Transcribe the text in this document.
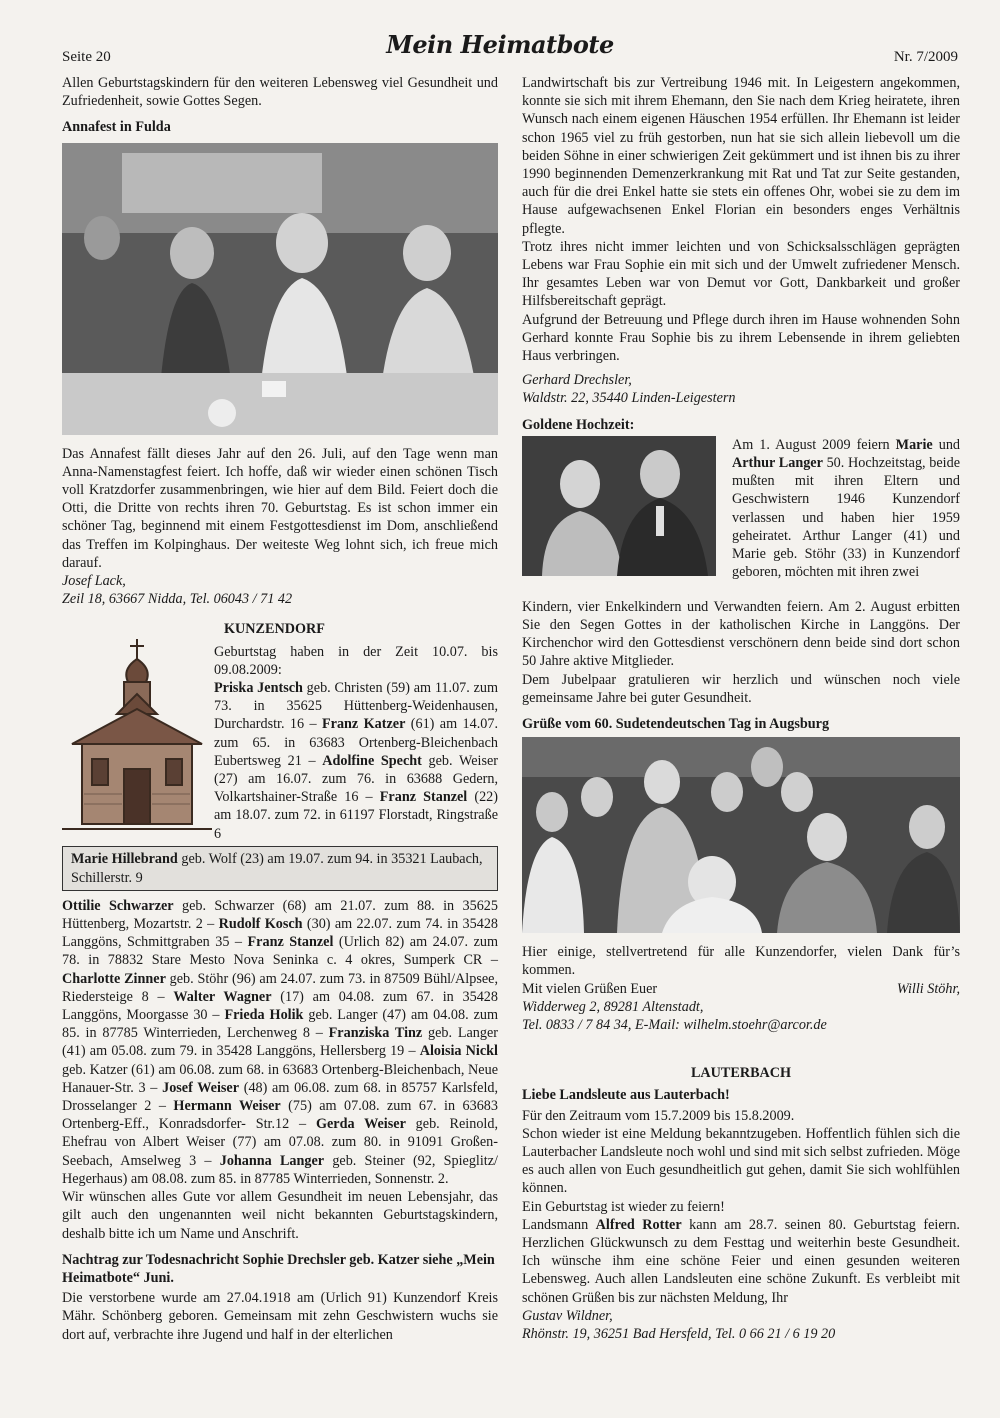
Seite 20	Mein Heimatbote	Nr. 7/2009

Allen Geburtstagskindern für den weiteren Lebensweg viel Gesundheit und Zufriedenheit, sowie Gottes Segen.

Annafest in Fulda

Das Annafest fällt dieses Jahr auf den 26. Juli, auf den Tage wenn man Anna-Namenstagfest feiert. Ich hoffe, daß wir wieder einen schönen Tisch voll Kratzdorfer zusammenbringen, wie hier auf dem Bild. Feiert doch die Otti, die Dritte von rechts ihren 70. Geburtstag. Es ist schon immer ein schöner Tag, beginnend mit einem Festgottesdienst im Dom, anschließend das Treffen im Kolpinghaus. Der weiteste Weg lohnt sich, ich freue mich darauf.

Josef Lack,

Zeil 18, 63667 Nidda, Tel. 06043 / 71 42

KUNZENDORF

Geburtstag haben in der Zeit 10.07. bis 09.08.2009:
Priska Jentsch geb. Christen (59) am 11.07. zum 73. in 35625 Hüttenberg-Weidenhausen, Durchardstr. 16 – Franz Katzer (61) am 14.07. zum 65. in 63683 Ortenberg-Bleichenbach Eubertsweg 21 – Adolfine Specht geb. Weiser (27) am 16.07. zum 76. in 63688 Gedern, Volkartshainer-Straße 16 – Franz Stanzel (22) am 18.07. zum 72. in 61197 Florstadt, Ringstraße 6

Marie Hillebrand geb. Wolf (23) am 19.07. zum 94. in 35321 Laubach, Schillerstr. 9

Ottilie Schwarzer geb. Schwarzer (68) am 21.07. zum 88. in 35625 Hüttenberg, Mozartstr. 2 – Rudolf Kosch (30) am 22.07. zum 74. in 35428 Langgöns, Schmittgraben 35 – Franz Stanzel (Urlich 82) am 24.07. zum 78. in 78832 Stare Mesto Nova Seninka c. 4 okres, Sumperk CR – Charlotte Zinner geb. Stöhr (96) am 24.07. zum 73. in 87509 Bühl/Alpsee, Riedersteige 8 – Walter Wagner (17) am 04.08. zum 67. in 35428 Langgöns, Moorgasse 30 – Frieda Holik geb. Langer (47) am 04.08. zum 85. in 87785 Winterrieden, Lerchenweg 8 – Franziska Tinz geb. Langer (41) am 05.08. zum 79. in 35428 Langgöns, Hellersberg 19 – Aloisia Nickl geb. Katzer (61) am 06.08. zum 68. in 63683 Ortenberg-Bleichenbach, Neue Hanauer-Str. 3 – Josef Weiser (48) am 06.08. zum 68. in 85757 Karlsfeld, Drosselanger 2 – Hermann Weiser (75) am 07.08. zum 67. in 63683 Ortenberg-Eff., Konradsdorfer- Str.12 – Gerda Weiser geb. Reinold, Ehefrau von Albert Weiser (77) am 07.08. zum 80. in 91091 Großen-Seebach, Amselweg 3 – Johanna Langer geb. Steiner (92, Spieglitz/ Hegerhaus) am 08.08. zum 85. in 87785 Winterrieden, Sonnenstr. 2.

Wir wünschen alles Gute vor allem Gesundheit im neuen Lebensjahr, das gilt auch den ungenannten weil nicht bekannten Geburtstagskindern, deshalb bitte ich um Name und Anschrift.

Nachtrag zur Todesnachricht Sophie Drechsler geb. Katzer siehe „Mein Heimatbote“ Juni.

Die verstorbene wurde am 27.04.1918 am (Urlich 91) Kunzendorf Kreis Mähr. Schönberg geboren. Gemeinsam mit zehn Geschwistern wuchs sie dort auf, verbrachte ihre Jugend und half in der elterlichen

Landwirtschaft bis zur Vertreibung 1946 mit. In Leigestern angekommen, konnte sie sich mit ihrem Ehemann, den Sie nach dem Krieg heiratete, ihren Wunsch nach einem eigenen Häuschen 1954 erfüllen. Ihr Ehemann ist leider schon 1965 viel zu früh gestorben, nun hat sie sich allein liebevoll um die beiden Söhne in einer schwierigen Zeit gekümmert und ist ihnen bis zu ihrer 1990 beginnenden Demenzerkrankung mit Rat und Tat zur Seite gestanden, auch für die drei Enkel hatte sie stets ein offenes Ohr, wobei sie zu dem im Hause aufgewachsenen Enkel Florian ein besonders enges Verhältnis pflegte.

Trotz ihres nicht immer leichten und von Schicksalsschlägen geprägten Lebens war Frau Sophie ein mit sich und der Umwelt zufriedener Mensch. Ihr gesamtes Leben war von Demut vor Gott, Dankbarkeit und großer Hilfsbereitschaft geprägt.

Aufgrund der Betreuung und Pflege durch ihren im Hause wohnenden Sohn Gerhard konnte Frau Sophie bis zu ihrem Lebensende in ihrem geliebten Haus verbringen.

Gerhard Drechsler,

Waldstr. 22, 35440 Linden-Leigestern

Goldene Hochzeit:

Am 1. August 2009 feiern Marie und Arthur Langer 50. Hochzeitstag, beide mußten mit ihren Eltern und Geschwistern 1946 Kunzendorf verlassen und haben hier 1959 geheiratet. Arthur Langer (41) und Marie geb. Stöhr (33) in Kunzendorf geboren, möchten mit ihren zwei

Kindern, vier Enkelkindern und Verwandten feiern. Am 2. August erbitten Sie den Segen Gottes in der katholischen Kirche in Langgöns. Der Kirchenchor wird den Gottesdienst verschönern denn beide sind dort schon 50 Jahre aktive Mitglieder.

Dem Jubelpaar gratulieren wir herzlich und wünschen noch viele gemeinsame Jahre bei guter Gesundheit.

Grüße vom 60. Sudetendeutschen Tag in Augsburg

Hier einige, stellvertretend für alle Kunzendorfer, vielen Dank für’s kommen.

Mit vielen Grüßen Euer	Willi Stöhr,

Widderweg 2, 89281 Altenstadt,

Tel. 0833 / 7 84 34, E-Mail: wilhelm.stoehr@arcor.de

LAUTERBACH
Liebe Landsleute aus Lauterbach!

Für den Zeitraum vom 15.7.2009 bis 15.8.2009.

Schon wieder ist eine Meldung bekanntzugeben. Hoffentlich fühlen sich die Lauterbacher Landsleute noch wohl und sind mit sich selbst zufrieden. Möge es auch allen von Euch gesundheitlich gut gehen, damit Sie sich wohlfühlen können.

Ein Geburtstag ist wieder zu feiern!

Landsmann Alfred Rotter kann am 28.7. seinen 80. Geburtstag feiern. Herzlichen Glückwunsch zu dem Festtag und weiterhin beste Gesundheit. Ich wünsche ihm eine schöne Feier und einen gesunden weiteren Lebensweg. Auch allen Landsleuten eine schöne Zukunft. Es verbleibt mit schönen Grüßen bis zur nächsten Meldung, Ihr

Gustav Wildner,

Rhönstr. 19, 36251 Bad Hersfeld, Tel. 0 66 21 / 6 19 20
